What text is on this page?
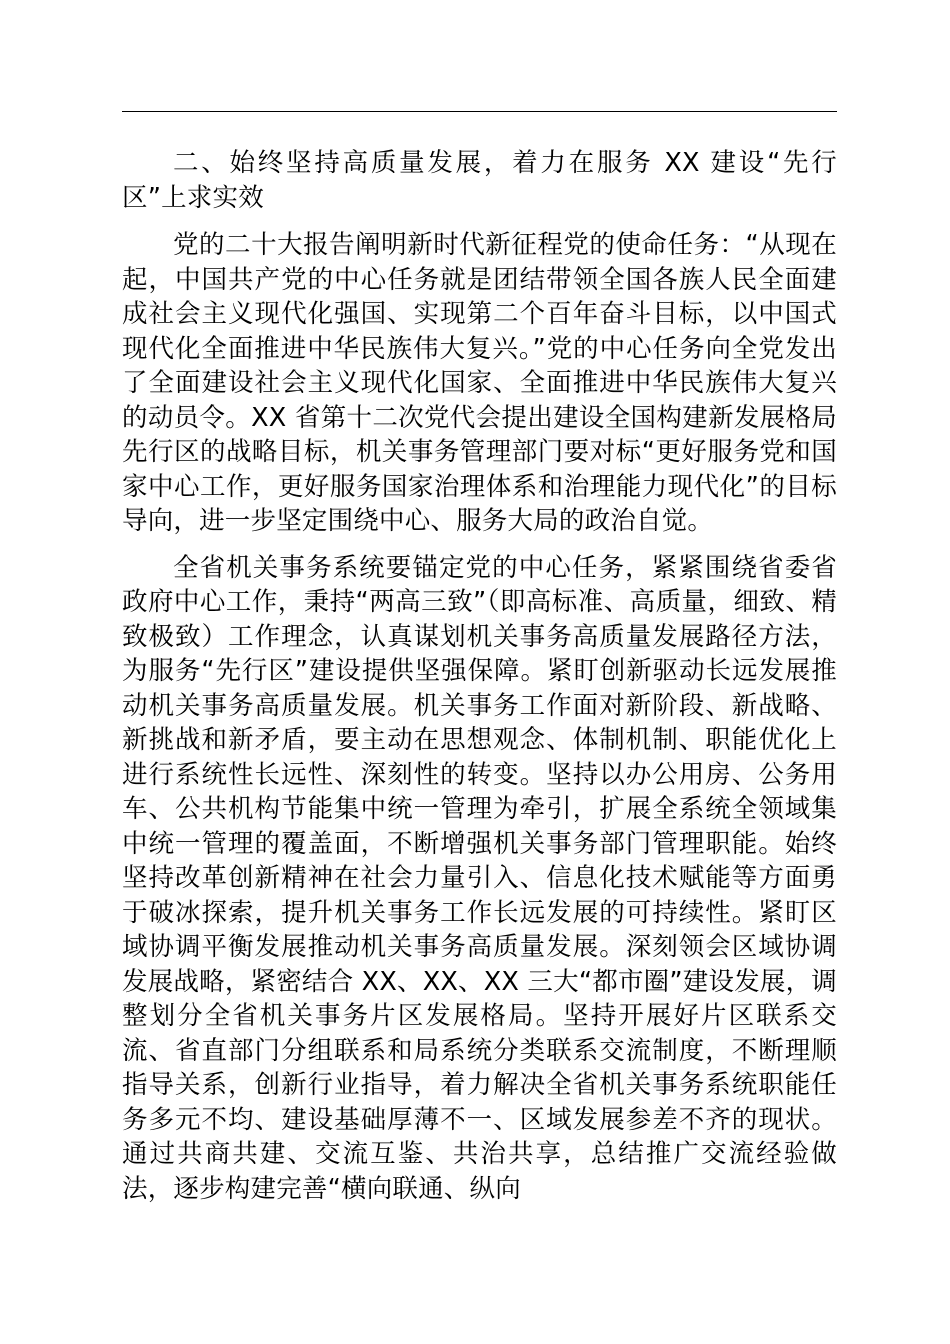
二、始终坚持高质量发展，着力在服务 XX 建设“先行区”上求实效

党的二十大报告阐明新时代新征程党的使命任务：“从现在起，中国共产党的中心任务就是团结带领全国各族人民全面建成社会主义现代化强国、实现第二个百年奋斗目标，以中国式现代化全面推进中华民族伟大复兴。”党的中心任务向全党发出了全面建设社会主义现代化国家、全面推进中华民族伟大复兴的动员令。XX 省第十二次党代会提出建设全国构建新发展格局先行区的战略目标，机关事务管理部门要对标“更好服务党和国家中心工作，更好服务国家治理体系和治理能力现代化”的目标导向，进一步坚定围绕中心、服务大局的政治自觉。

全省机关事务系统要锚定党的中心任务，紧紧围绕省委省政府中心工作，秉持“两高三致”（即高标准、高质量，细致、精致极致）工作理念，认真谋划机关事务高质量发展路径方法，为服务“先行区”建设提供坚强保障。紧盯创新驱动长远发展推动机关事务高质量发展。机关事务工作面对新阶段、新战略、新挑战和新矛盾，要主动在思想观念、体制机制、职能优化上进行系统性长远性、深刻性的转变。坚持以办公用房、公务用车、公共机构节能集中统一管理为牵引，扩展全系统全领域集中统一管理的覆盖面，不断增强机关事务部门管理职能。始终坚持改革创新精神在社会力量引入、信息化技术赋能等方面勇于破冰探索，提升机关事务工作长远发展的可持续性。紧盯区域协调平衡发展推动机关事务高质量发展。深刻领会区域协调发展战略，紧密结合 XX、XX、XX 三大“都市圈”建设发展，调整划分全省机关事务片区发展格局。坚持开展好片区联系交流、省直部门分组联系和局系统分类联系交流制度，不断理顺指导关系，创新行业指导，着力解决全省机关事务系统职能任务多元不均、建设基础厚薄不一、区域发展参差不齐的现状。通过共商共建、交流互鉴、共治共享，总结推广交流经验做法，逐步构建完善“横向联通、纵向
